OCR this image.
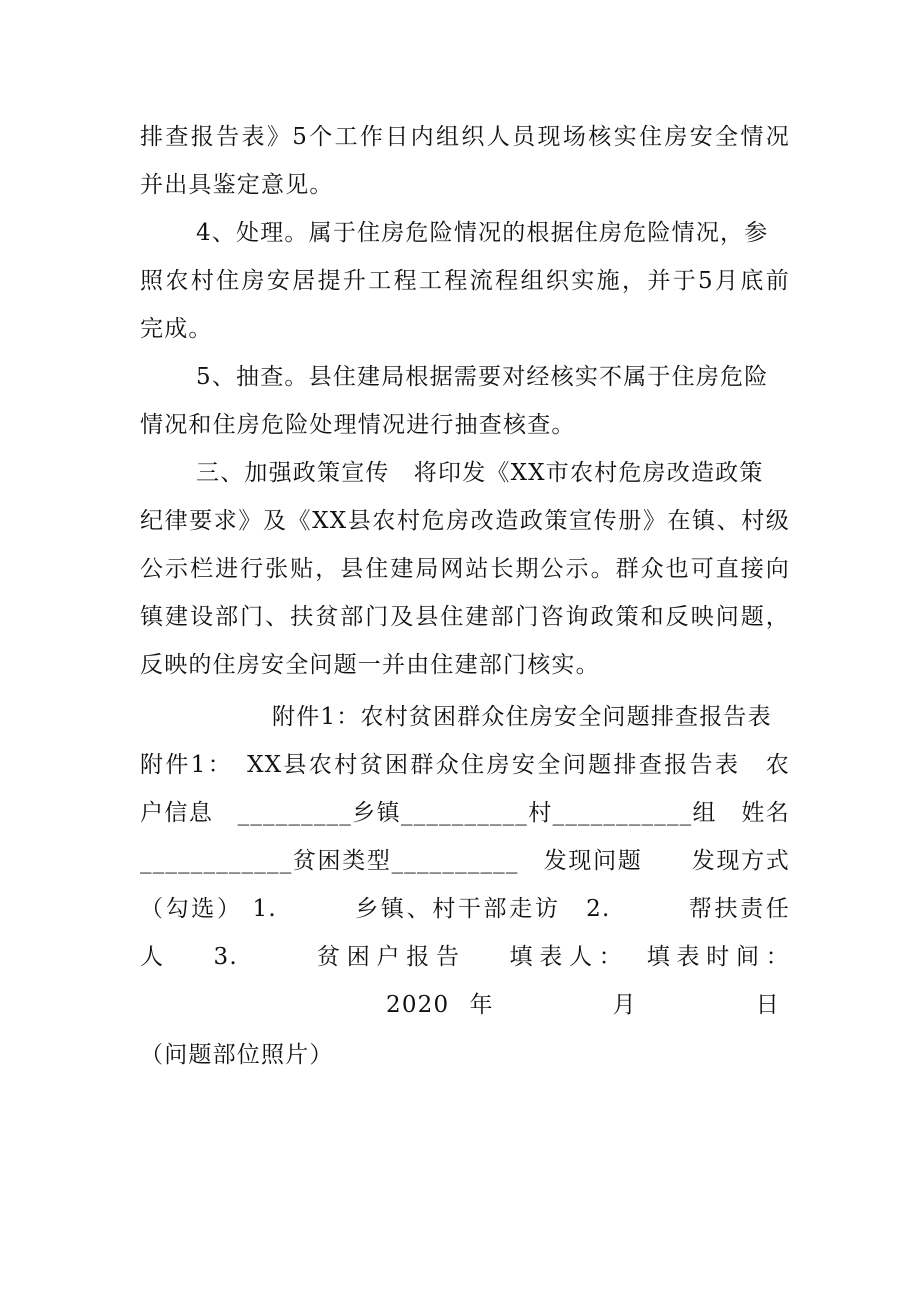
排查报告表》5个工作日内组织人员现场核实住房安全情况
并出具鉴定意见。
4、处理。属于住房危险情况的根据住房危险情况，参
照农村住房安居提升工程工程流程组织实施，并于5月底前
完成。
5、抽查。县住建局根据需要对经核实不属于住房危险
情况和住房危险处理情况进行抽查核查。
三、加强政策宣传　将印发《XX市农村危房改造政策
纪律要求》及《XX县农村危房改造政策宣传册》在镇、村级
公示栏进行张贴，县住建局网站长期公示。群众也可直接向
镇建设部门、扶贫部门及县住建部门咨询政策和反映问题，
反映的住房安全问题一并由住建部门核实。
附件1：农村贫困群众住房安全问题排查报告表
附件1：　XX县农村贫困群众住房安全问题排查报告表　农
户信息　_________乡镇__________村___________组　姓名
____________贫困类型__________　发现问题　　发现方式
（勾选） 1.　　　乡镇、村干部走访　2.　　　帮扶责任
人　 3.　　 贫困户报告　 填表人：　填表时间：
2020 年　　　月　　　日
（问题部位照片）
